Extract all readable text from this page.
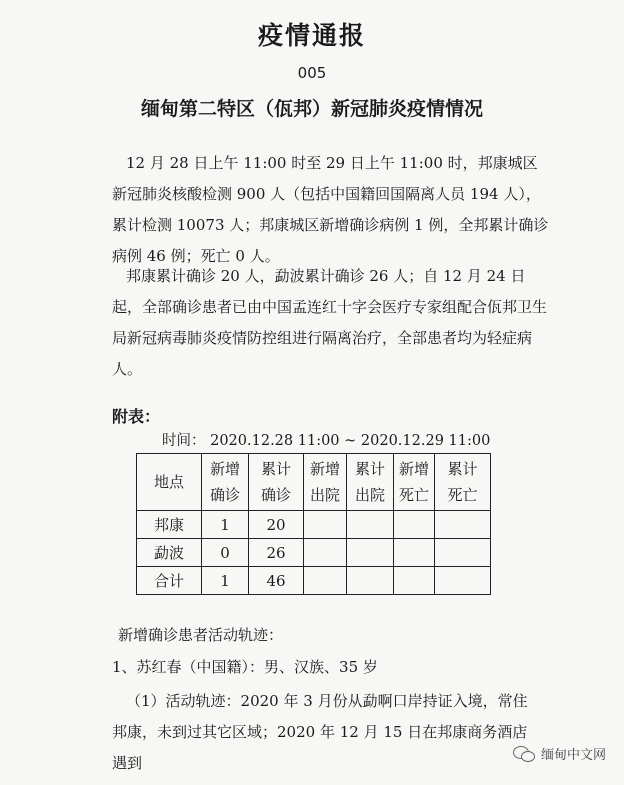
疫情通报
005
缅甸第二特区（佤邦）新冠肺炎疫情情况

12 月 28 日上午 11:00 时至 29 日上午 11:00 时，邦康城区新冠肺炎核酸检测 900 人（包括中国籍回国隔离人员 194 人），累计检测 10073 人；邦康城区新增确诊病例 1 例，全邦累计确诊病例 46 例；死亡 0 人。

邦康累计确诊 20 人，勐波累计确诊 26 人；自 12 月 24 日起，全部确诊患者已由中国孟连红十字会医疗专家组配合佤邦卫生局新冠病毒肺炎疫情防控组进行隔离治疗，全部患者均为轻症病人。

附表：
时间： 2020.12.28 11:00 ~ 2020.12.29 11:00
地点	新增确诊	累计确诊	新增出院	累计出院	新增死亡	累计死亡
邦康	1	20				
勐波	0	26				
合计	1	46				
新增确诊患者活动轨迹：
1、苏红春（中国籍）：男、汉族、35 岁

（1）活动轨迹：2020 年 3 月份从勐啊口岸持证入境，常住邦康，未到过其它区域；2020 年 12 月 15 日在邦康商务酒店遇到	缅甸中文网
